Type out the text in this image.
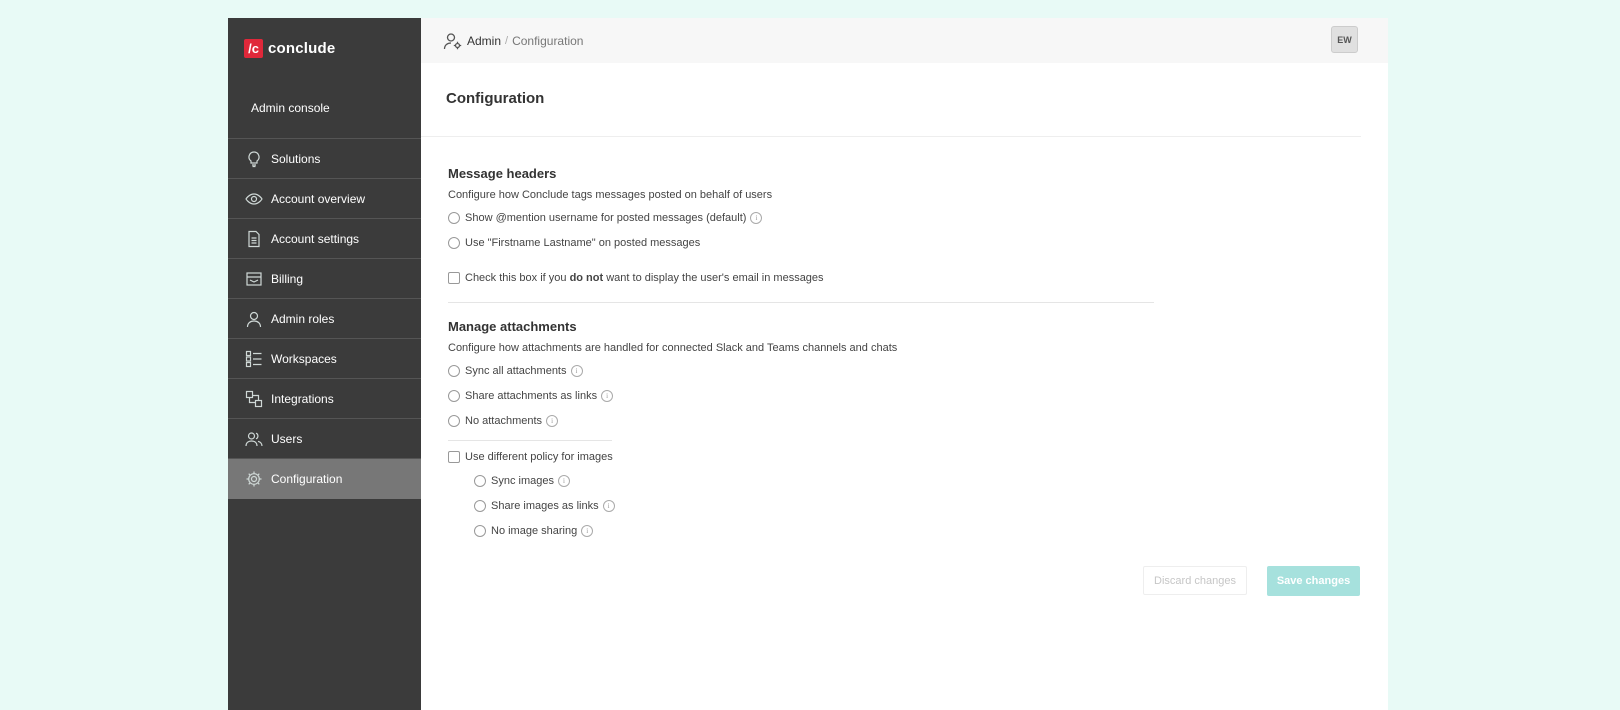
/c conclude
Admin console
Solutions
Account overview
Account settings
Billing
Admin roles
Workspaces
Integrations
Users
Configuration
Admin / Configuration	EW
Configuration
Message headers
Configure how Conclude tags messages posted on behalf of users
Show @mention username for posted messages (default)	i
Use "Firstname Lastname" on posted messages
Check this box if you do not want to display the user's email in messages
Manage attachments
Configure how attachments are handled for connected Slack and Teams channels and chats
Sync all attachments	i
Share attachments as links	i
No attachments	i
Use different policy for images
Sync images	i
Share images as links	i
No image sharing	i
Discard changes	Save changes
